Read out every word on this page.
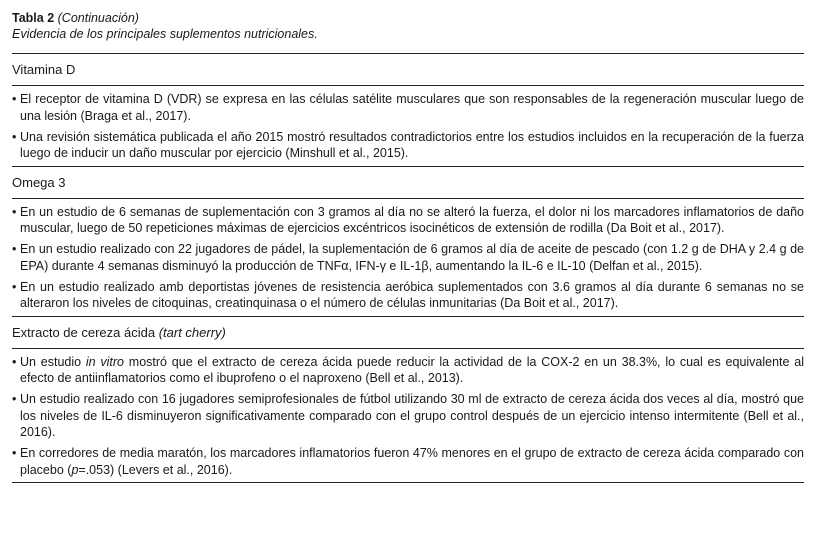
Tabla 2 (Continuación)
Evidencia de los principales suplementos nutricionales.
Vitamina D
• El receptor de vitamina D (VDR) se expresa en las células satélite musculares que son responsables de la regeneración muscular luego de una lesión (Braga et al., 2017).
• Una revisión sistemática publicada el año 2015 mostró resultados contradictorios entre los estudios incluidos en la recuperación de la fuerza luego de inducir un daño muscular por ejercicio (Minshull et al., 2015).
Omega 3
• En un estudio de 6 semanas de suplementación con 3 gramos al día no se alteró la fuerza, el dolor ni los marcadores inflamatorios de daño muscular, luego de 50 repeticiones máximas de ejercicios excéntricos isocinéticos de extensión de rodilla (Da Boit et al., 2017).
• En un estudio realizado con 22 jugadores de pádel, la suplementación de 6 gramos al día de aceite de pescado (con 1.2 g de DHA y 2.4 g de EPA) durante 4 semanas disminuyó la producción de TNFα, IFN-γ e IL-1β, aumentando la IL-6 e IL-10 (Delfan et al., 2015).
• En un estudio realizado amb deportistas jóvenes de resistencia aeróbica suplementados con 3.6 gramos al día durante 6 semanas no se alteraron los niveles de citoquinas, creatinquinasa o el número de células inmunitarias (Da Boit et al., 2017).
Extracto de cereza ácida (tart cherry)
• Un estudio in vitro mostró que el extracto de cereza ácida puede reducir la actividad de la COX-2 en un 38.3%, lo cual es equivalente al efecto de antiinflamatorios como el ibuprofeno o el naproxeno (Bell et al., 2013).
• Un estudio realizado con 16 jugadores semiprofesionales de fútbol utilizando 30 ml de extracto de cereza ácida dos veces al día, mostró que los niveles de IL-6 disminuyeron significativamente comparado con el grupo control después de un ejercicio intenso intermitente (Bell et al., 2016).
• En corredores de media maratón, los marcadores inflamatorios fueron 47% menores en el grupo de extracto de cereza ácida comparado con placebo (p=.053) (Levers et al., 2016).
